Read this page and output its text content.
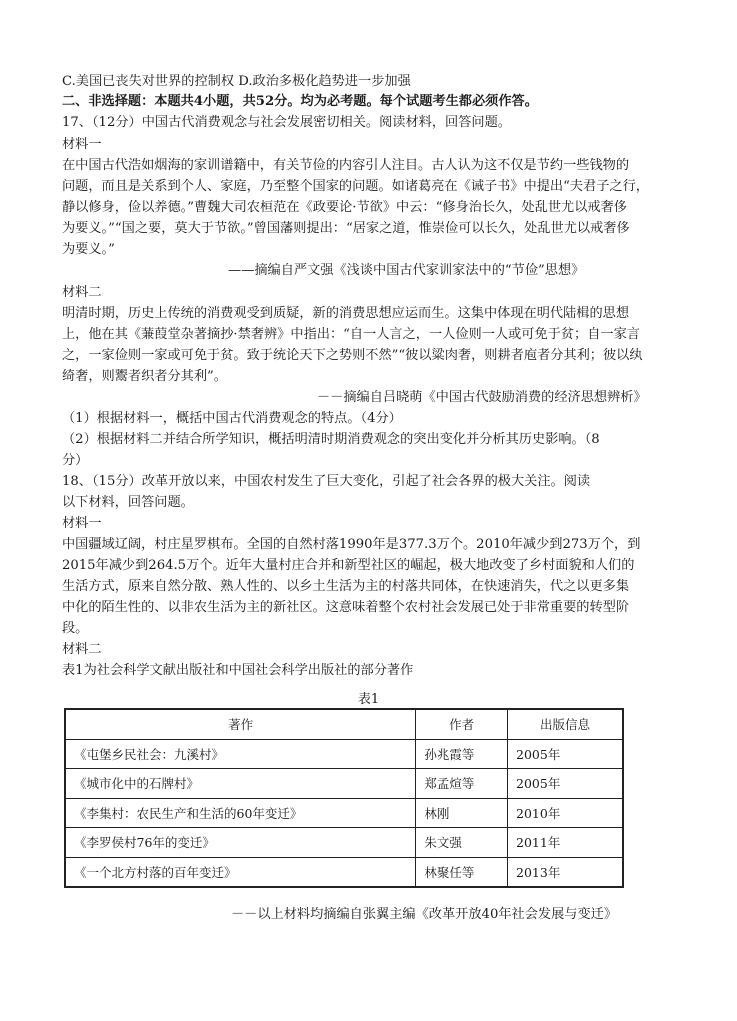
C.美国已丧失对世界的控制权 D.政治多极化趋势进一步加强
二、非选择题：本题共4小题，共52分。均为必考题。每个试题考生都必须作答。
17、（12分）中国古代消费观念与社会发展密切相关。阅读材料，回答问题。
材料一
在中国古代浩如烟海的家训谱籍中，有关节俭的内容引人注目。古人认为这不仅是节约一些钱物的
问题，而且是关系到个人、家庭，乃至整个国家的问题。如诸葛亮在《诫子书》中提出“夫君子之行，
静以修身，俭以养德。”曹魏大司农桓范在《政要论·节欲》中云：“修身治长久，处乱世尤以戒奢侈
为要义。”“国之要，莫大于节欲。”曾国藩则提出：“居家之道，惟崇俭可以长久，处乱世尤以戒奢侈
为要义。”
——摘编自严文强《浅谈中国古代家训家法中的“节俭”思想》
材料二
明清时期，历史上传统的消费观受到质疑，新的消费思想应运而生。这集中体现在明代陆楫的思想
上，他在其《蒹葭堂杂著摘抄·禁奢辨》中指出：“自一人言之，一人俭则一人或可免于贫；自一家言
之，一家俭则一家或可免于贫。致于统论天下之势则不然”“彼以粱肉奢，则耕者庖者分其利；彼以纨
绮奢，则鬻者织者分其利”。
－－摘编自吕晓萌《中国古代鼓励消费的经济思想辨析》
（1）根据材料一，概括中国古代消费观念的特点。（4分）
（2）根据材料二并结合所学知识，概括明清时期消费观念的突出变化并分析其历史影响。（8
分）
18、（15分）改革开放以来，中国农村发生了巨大变化，引起了社会各界的极大关注。阅读
以下材料，回答问题。
材料一
中国疆域辽阔，村庄星罗棋布。全国的自然村落1990年是377.3万个。2010年减少到273万个，到
2015年减少到264.5万个。近年大量村庄合并和新型社区的崛起，极大地改变了乡村面貌和人们的
生活方式，原来自然分散、熟人性的、以乡土生活为主的村落共同体，在快速消失，代之以更多集
中化的陌生性的、以非农生活为主的新社区。这意味着整个农村社会发展已处于非常重要的转型阶
段。
材料二
表1为社会科学文献出版社和中国社会科学出版社的部分著作
表1
著作	作者	出版信息
《屯堡乡民社会：九溪村》	孙兆霞等	2005年
《城市化中的石牌村》	郑孟煊等	2005年
《李集村：农民生产和生活的60年变迁》	林刚	2010年
《李罗侯村76年的变迁》	朱文强	2011年
《一个北方村落的百年变迁》	林聚任等	2013年
－－以上材料均摘编自张翼主编《改革开放40年社会发展与变迁》
